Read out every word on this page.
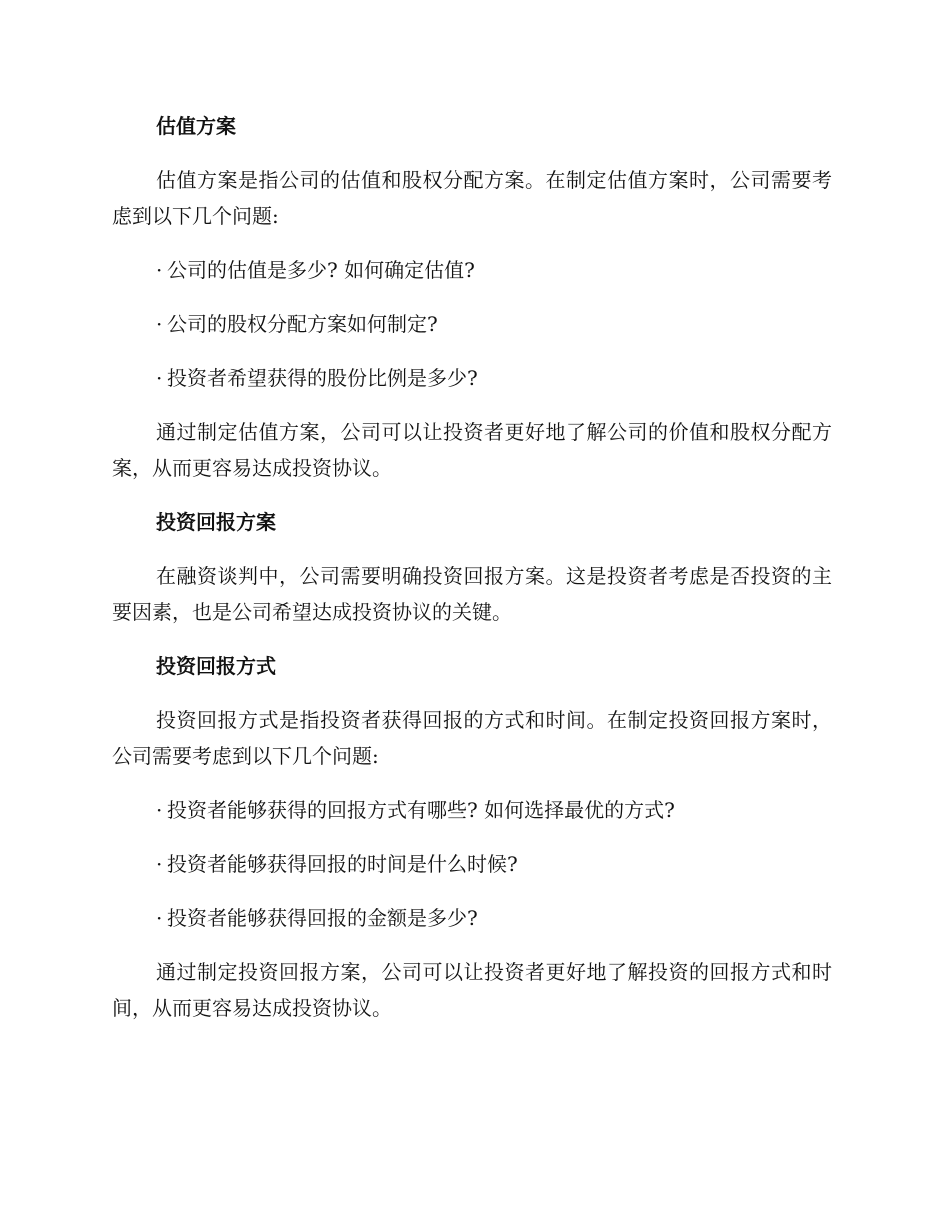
估值方案

估值方案是指公司的估值和股权分配方案。在制定估值方案时，公司需要考虑到以下几个问题:

· 公司的估值是多少? 如何确定估值?
· 公司的股权分配方案如何制定?
· 投资者希望获得的股份比例是多少?

通过制定估值方案，公司可以让投资者更好地了解公司的价值和股权分配方案，从而更容易达成投资协议。

投资回报方案

在融资谈判中，公司需要明确投资回报方案。这是投资者考虑是否投资的主要因素，也是公司希望达成投资协议的关键。

投资回报方式

投资回报方式是指投资者获得回报的方式和时间。在制定投资回报方案时，公司需要考虑到以下几个问题:

· 投资者能够获得的回报方式有哪些? 如何选择最优的方式?
· 投资者能够获得回报的时间是什么时候?
· 投资者能够获得回报的金额是多少?

通过制定投资回报方案，公司可以让投资者更好地了解投资的回报方式和时间，从而更容易达成投资协议。
